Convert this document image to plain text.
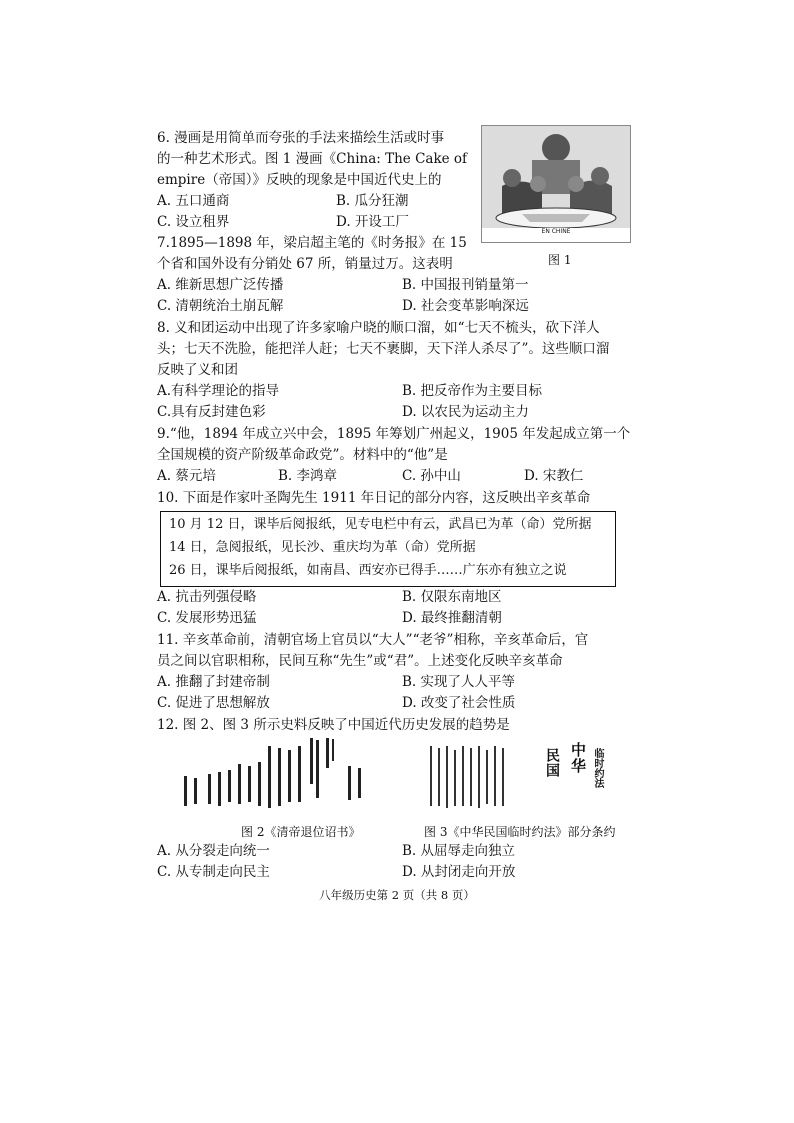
6. 漫画是用简单而夸张的手法来描绘生活或时事
的一种艺术形式。图 1 漫画《China: The Cake of
empire（帝国）》反映的现象是中国近代史上的
A. 五口通商	B. 瓜分狂潮
C. 设立租界	D. 开设工厂
EN CHINE
图 1
7.1895—1898 年，梁启超主笔的《时务报》在 15
个省和国外设有分销处 67 所，销量过万。这表明
A. 维新思想广泛传播	B. 中国报刊销量第一
C. 清朝统治土崩瓦解	D. 社会变革影响深远
8. 义和团运动中出现了许多家喻户晓的顺口溜，如“七天不梳头，砍下洋人
头；七天不洗脸，能把洋人赶；七天不裹脚，天下洋人杀尽了”。这些顺口溜
反映了义和团
A.有科学理论的指导	B. 把反帝作为主要目标
C.具有反封建色彩	D. 以农民为运动主力
9.“他，1894 年成立兴中会，1895 年筹划广州起义，1905 年发起成立第一个
全国规模的资产阶级革命政党”。材料中的“他”是
A. 蔡元培	B. 李鸿章	C. 孙中山	D. 宋教仁
10. 下面是作家叶圣陶先生 1911 年日记的部分内容，这反映出辛亥革命
10 月 12 日，课毕后阅报纸，见专电栏中有云，武昌已为革（命）党所据
14 日，急阅报纸，见长沙、重庆均为革（命）党所据
26 日，课毕后阅报纸，如南昌、西安亦已得手……广东亦有独立之说
A. 抗击列强侵略	B. 仅限东南地区
C. 发展形势迅猛	D. 最终推翻清朝
11. 辛亥革命前，清朝官场上官员以“大人”“老爷”相称，辛亥革命后，官
员之间以官职相称，民间互称“先生”或“君”。上述变化反映辛亥革命
A. 推翻了封建帝制	B. 实现了人人平等
C. 促进了思想解放	D. 改变了社会性质
12. 图 2、图 3 所示史料反映了中国近代历史发展的趋势是
图 2《清帝退位诏书》
中华
民国	临时约法
图 3《中华民国临时约法》部分条约
A. 从分裂走向统一	B. 从屈辱走向独立
C. 从专制走向民主	D. 从封闭走向开放
八年级历史第 2 页（共 8 页）
